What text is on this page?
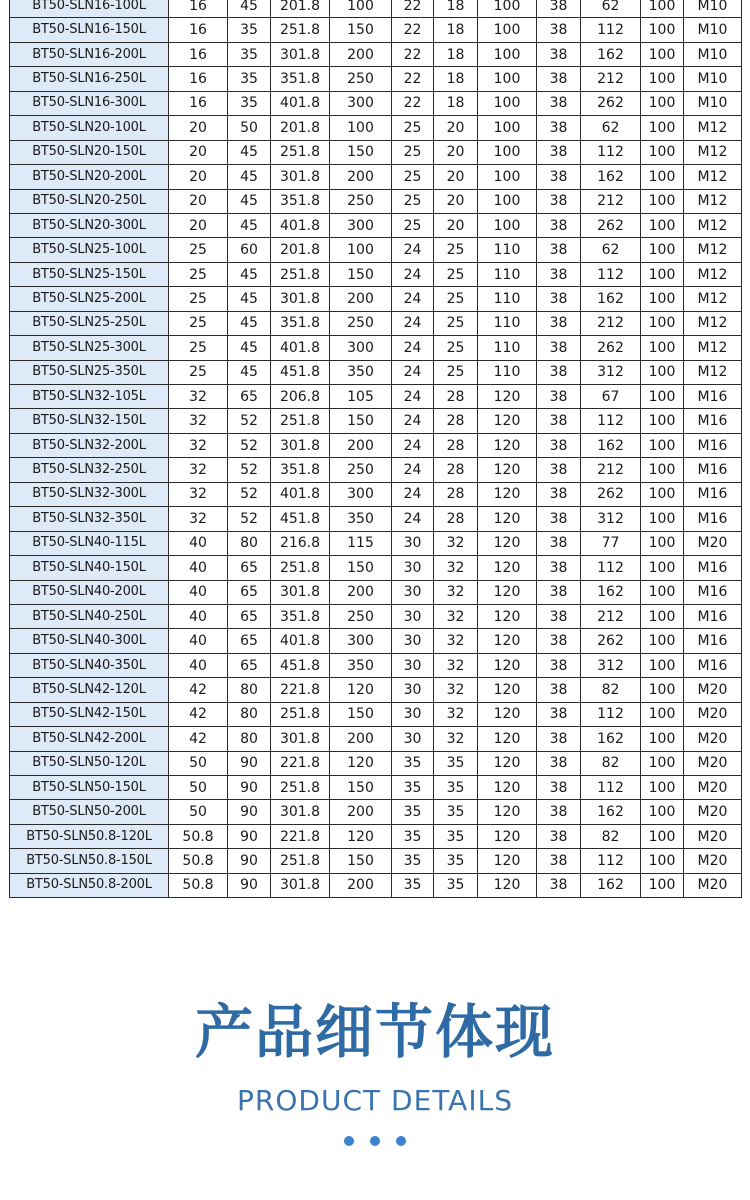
BT50-SLN16-100L	16	45	201.8	100	22	18	100	38	62	100	M10
BT50-SLN16-150L	16	35	251.8	150	22	18	100	38	112	100	M10
BT50-SLN16-200L	16	35	301.8	200	22	18	100	38	162	100	M10
BT50-SLN16-250L	16	35	351.8	250	22	18	100	38	212	100	M10
BT50-SLN16-300L	16	35	401.8	300	22	18	100	38	262	100	M10
BT50-SLN20-100L	20	50	201.8	100	25	20	100	38	62	100	M12
BT50-SLN20-150L	20	45	251.8	150	25	20	100	38	112	100	M12
BT50-SLN20-200L	20	45	301.8	200	25	20	100	38	162	100	M12
BT50-SLN20-250L	20	45	351.8	250	25	20	100	38	212	100	M12
BT50-SLN20-300L	20	45	401.8	300	25	20	100	38	262	100	M12
BT50-SLN25-100L	25	60	201.8	100	24	25	110	38	62	100	M12
BT50-SLN25-150L	25	45	251.8	150	24	25	110	38	112	100	M12
BT50-SLN25-200L	25	45	301.8	200	24	25	110	38	162	100	M12
BT50-SLN25-250L	25	45	351.8	250	24	25	110	38	212	100	M12
BT50-SLN25-300L	25	45	401.8	300	24	25	110	38	262	100	M12
BT50-SLN25-350L	25	45	451.8	350	24	25	110	38	312	100	M12
BT50-SLN32-105L	32	65	206.8	105	24	28	120	38	67	100	M16
BT50-SLN32-150L	32	52	251.8	150	24	28	120	38	112	100	M16
BT50-SLN32-200L	32	52	301.8	200	24	28	120	38	162	100	M16
BT50-SLN32-250L	32	52	351.8	250	24	28	120	38	212	100	M16
BT50-SLN32-300L	32	52	401.8	300	24	28	120	38	262	100	M16
BT50-SLN32-350L	32	52	451.8	350	24	28	120	38	312	100	M16
BT50-SLN40-115L	40	80	216.8	115	30	32	120	38	77	100	M20
BT50-SLN40-150L	40	65	251.8	150	30	32	120	38	112	100	M16
BT50-SLN40-200L	40	65	301.8	200	30	32	120	38	162	100	M16
BT50-SLN40-250L	40	65	351.8	250	30	32	120	38	212	100	M16
BT50-SLN40-300L	40	65	401.8	300	30	32	120	38	262	100	M16
BT50-SLN40-350L	40	65	451.8	350	30	32	120	38	312	100	M16
BT50-SLN42-120L	42	80	221.8	120	30	32	120	38	82	100	M20
BT50-SLN42-150L	42	80	251.8	150	30	32	120	38	112	100	M20
BT50-SLN42-200L	42	80	301.8	200	30	32	120	38	162	100	M20
BT50-SLN50-120L	50	90	221.8	120	35	35	120	38	82	100	M20
BT50-SLN50-150L	50	90	251.8	150	35	35	120	38	112	100	M20
BT50-SLN50-200L	50	90	301.8	200	35	35	120	38	162	100	M20
BT50-SLN50.8-120L	50.8	90	221.8	120	35	35	120	38	82	100	M20
BT50-SLN50.8-150L	50.8	90	251.8	150	35	35	120	38	112	100	M20
BT50-SLN50.8-200L	50.8	90	301.8	200	35	35	120	38	162	100	M20
产品细节体现
PRODUCT DETAILS
